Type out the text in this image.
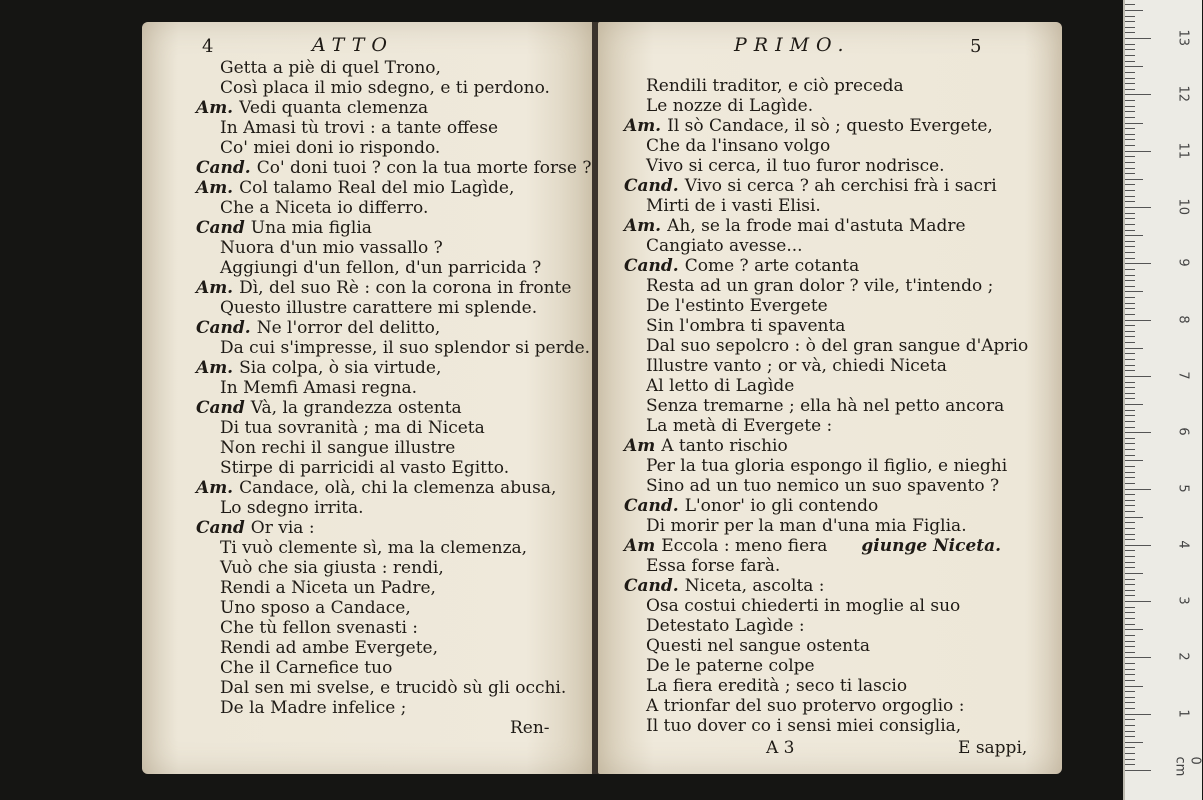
4	ATTO
Getta a piè di quel Trono,
Così placa il mio sdegno, e ti perdono.
Am. Vedi quanta clemenza
In Amasi tù trovi : a tante offese
Co' miei doni io rispondo.
Cand. Co' doni tuoi ? con la tua morte forse ?
Am. Col talamo Real del mio Lagìde,
Che a Niceta io differro.
Cand Una mia figlia
Nuora d'un mio vassallo ?
Aggiungi d'un fellon, d'un parricida ?
Am. Dì, del suo Rè : con la corona in fronte
Questo illustre carattere mi splende.
Cand. Ne l'orror del delitto,
Da cui s'impresse, il suo splendor si perde.
Am. Sia colpa, ò sia virtude,
In Memfi Amasi regna.
Cand Và, la grandezza ostenta
Di tua sovranità ; ma di Niceta
Non rechi il sangue illustre
Stirpe di parricidi al vasto Egitto.
Am. Candace, olà, chi la clemenza abusa,
Lo sdegno irrita.
Cand Or via :
Ti vuò clemente sì, ma la clemenza,
Vuò che sia giusta : rendi,
Rendi a Niceta un Padre,
Uno sposo a Candace,
Che tù fellon svenasti :
Rendi ad ambe Evergete,
Che il Carnefice tuo
Dal sen mi svelse, e trucidò sù gli occhi.
De la Madre infelice ;
Ren-
PRIMO.	5
Rendili traditor, e ciò preceda
Le nozze di Lagìde.
Am. Il sò Candace, il sò ; questo Evergete,
Che da l'insano volgo
Vivo si cerca, il tuo furor nodrisce.
Cand. Vivo si cerca ? ah cerchisi frà i sacri
Mirti de i vasti Elisi.
Am. Ah, se la frode mai d'astuta Madre
Cangiato avesse...
Cand. Come ? arte cotanta
Resta ad un gran dolor ? vile, t'intendo ;
De l'estinto Evergete
Sin l'ombra ti spaventa
Dal suo sepolcro : ò del gran sangue d'Aprio
Illustre vanto ; or và, chiedi Niceta
Al letto di Lagìde
Senza tremarne ; ella hà nel petto ancora
La metà di Evergete :
Am A tanto rischio
Per la tua gloria espongo il figlio, e nieghi
Sino ad un tuo nemico un suo spavento ?
Cand. L'onor' io gli contendo
Di morir per la man d'una mia Figlia.
Am Eccola : meno fiera giunge Niceta.
Essa forse farà.
Cand. Niceta, ascolta :
Osa costui chiederti in moglie al suo
Detestato Lagìde :
Questi nel sangue ostenta
De le paterne colpe
La fiera eredità ; seco ti lascio
A trionfar del suo protervo orgoglio :
Il tuo dover co i sensi miei consiglia,
A 3	E sappi,
1
2
3
4
5
6
7
8
9
10
11
12
13
0 cm
